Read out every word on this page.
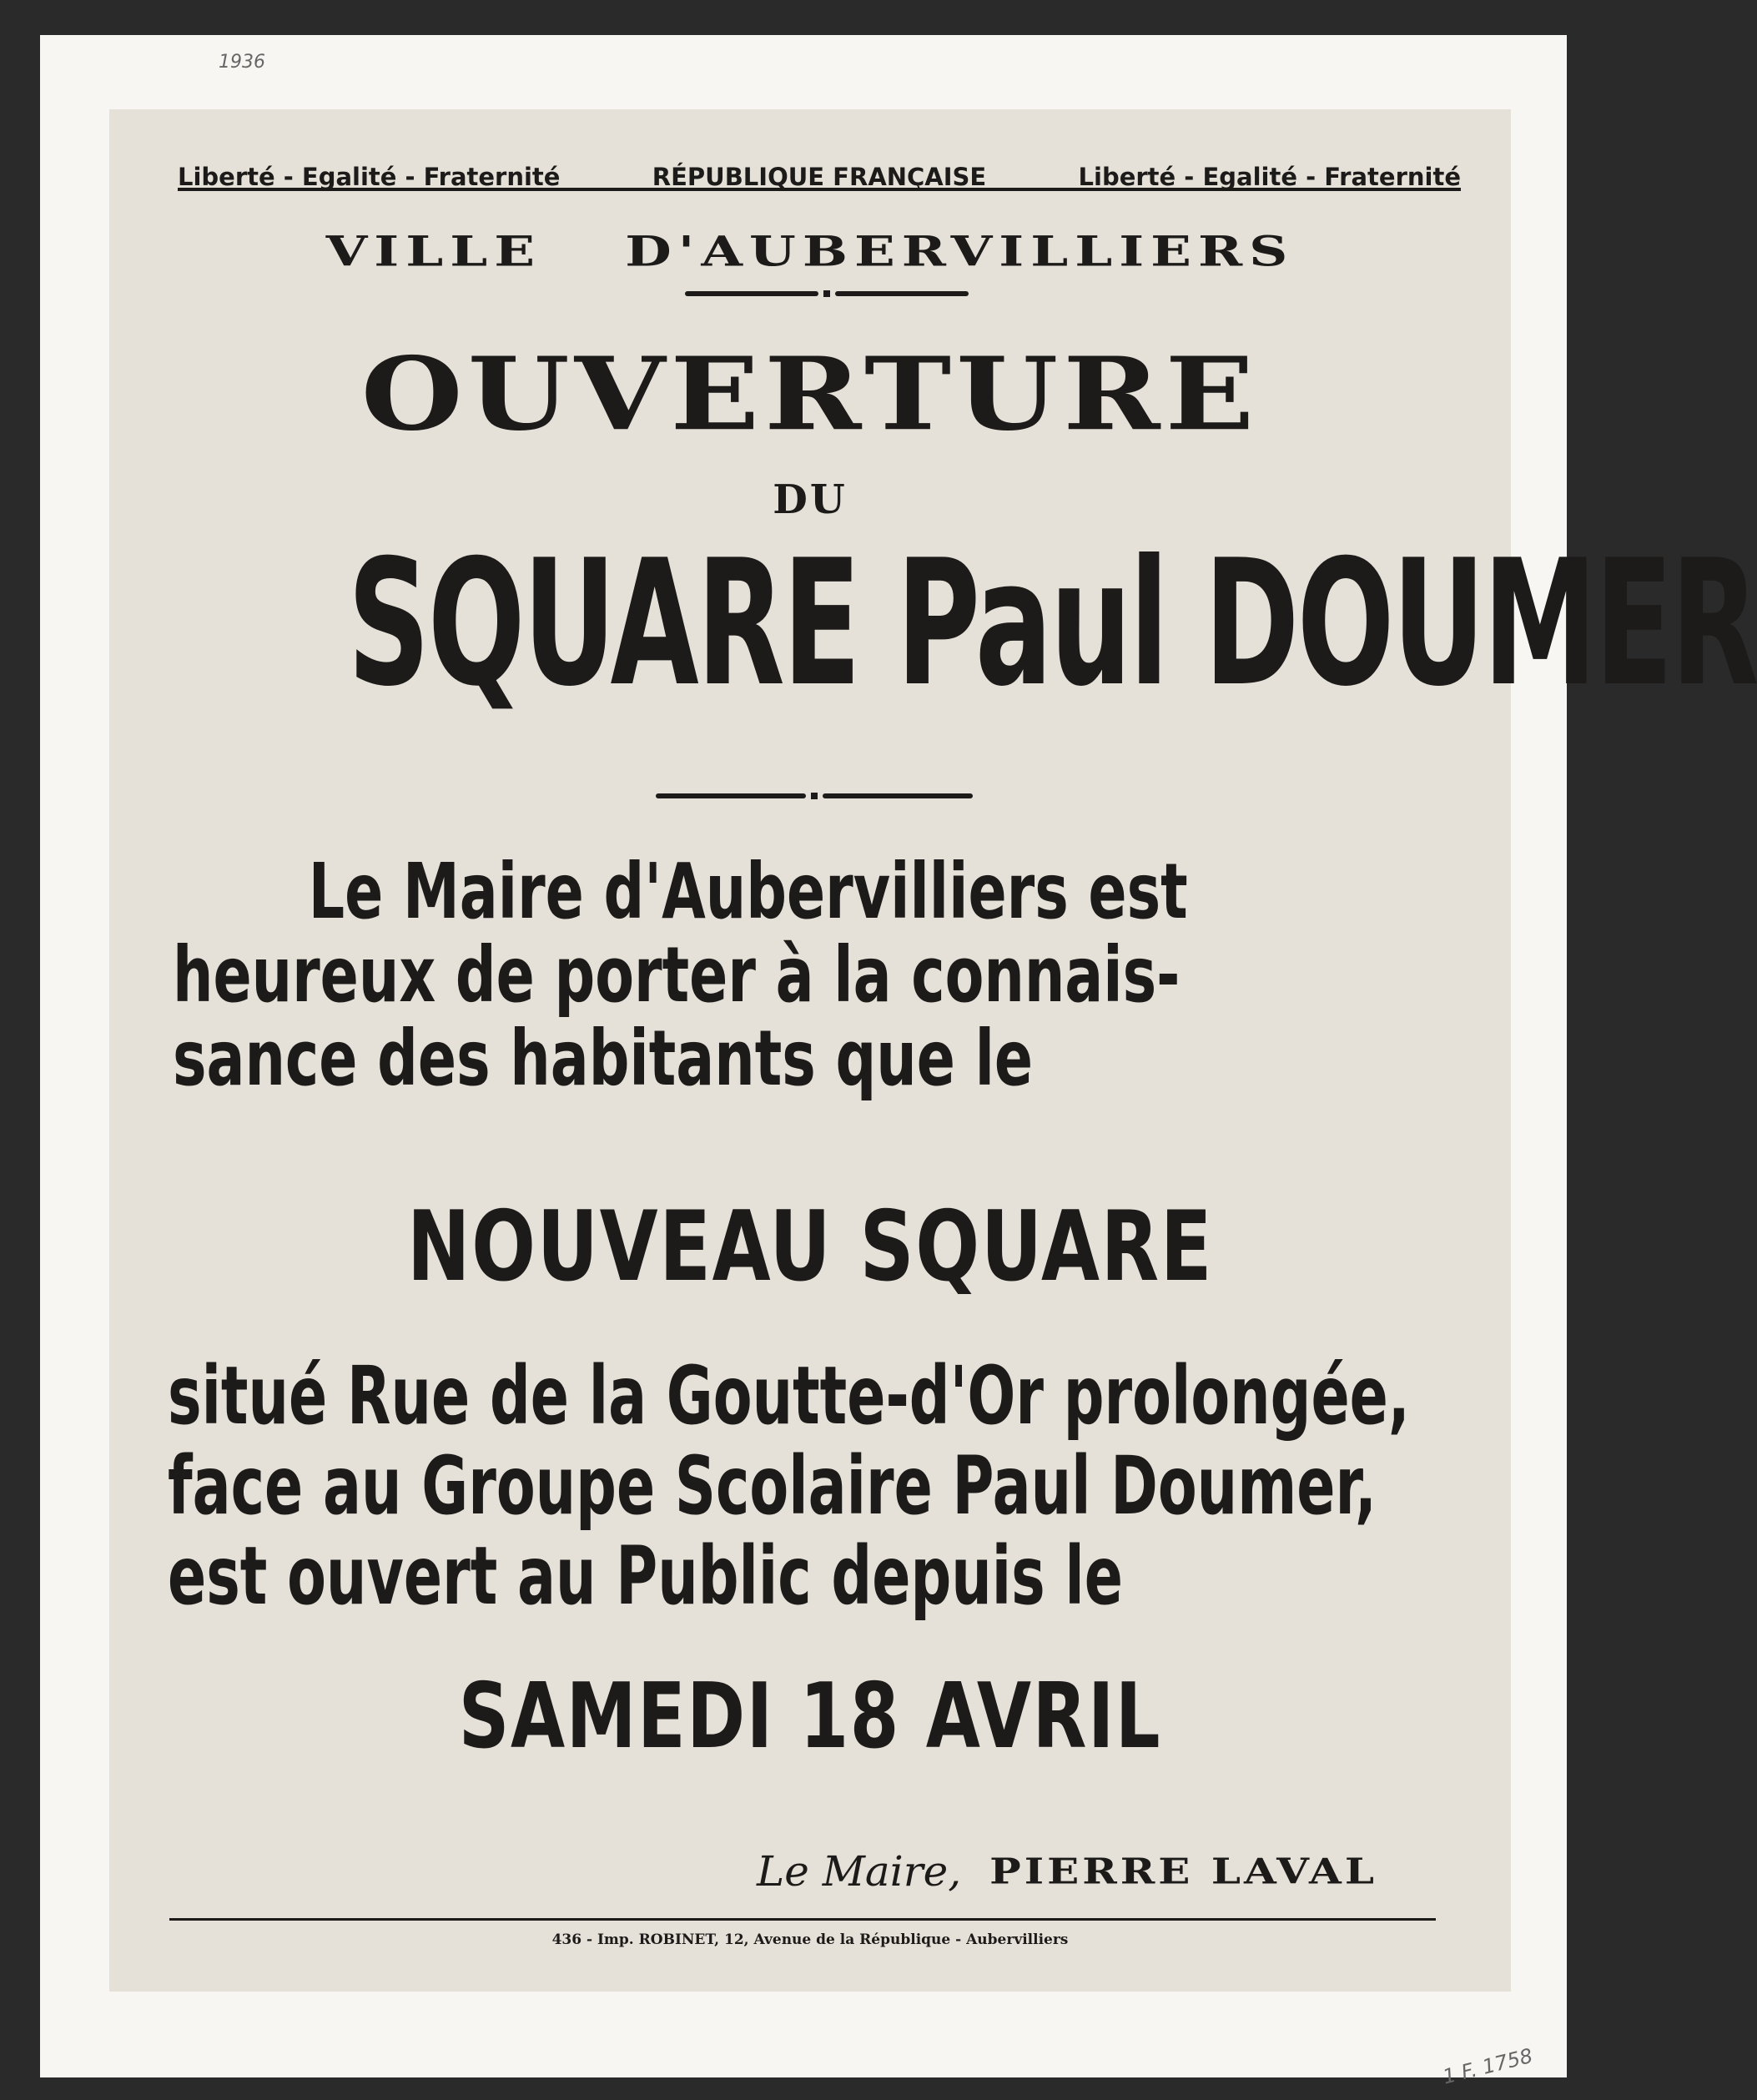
1936
1 F. 1758
Liberté - Egalité - Fraternité	RÉPUBLIQUE FRANÇAISE	Liberté - Egalité - Fraternité
VILLE D'AUBERVILLIERS
OUVERTURE
DU
SQUARE Paul DOUMER
Le Maire d'Aubervilliers est
heureux de porter à la connais-
sance des habitants que le
NOUVEAU SQUARE
situé Rue de la Goutte-d'Or prolongée,
face au Groupe Scolaire Paul Doumer,
est ouvert au Public depuis le
SAMEDI 18 AVRIL
Le Maire, PIERRE LAVAL
436 - Imp. ROBINET, 12, Avenue de la République - Aubervilliers
